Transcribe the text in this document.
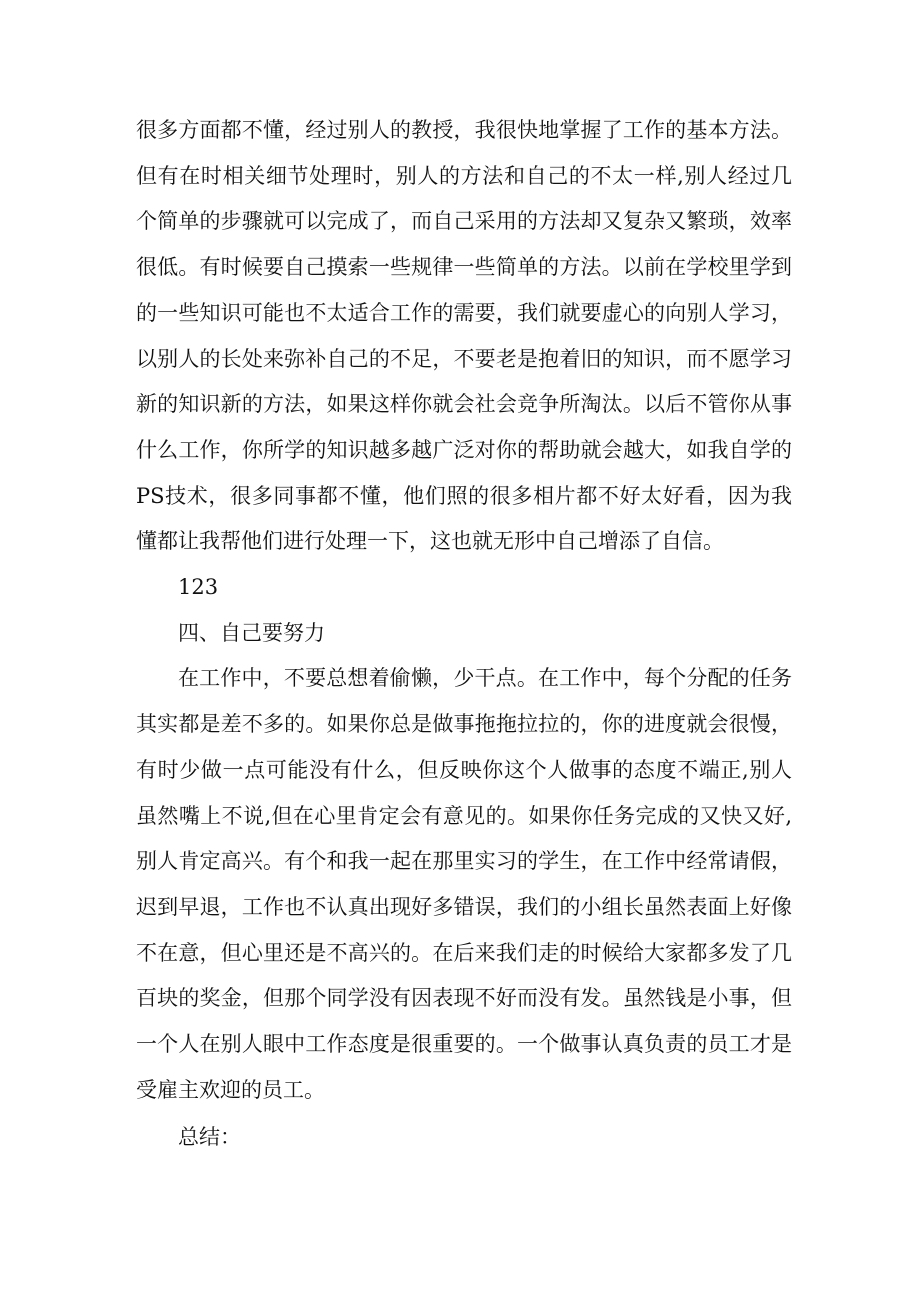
很多方面都不懂，经过别人的教授，我很快地掌握了工作的基本方法。但有在时相关细节处理时，别人的方法和自己的不太一样,别人经过几个简单的步骤就可以完成了，而自己采用的方法却又复杂又繁琐，效率很低。有时候要自己摸索一些规律一些简单的方法。以前在学校里学到的一些知识可能也不太适合工作的需要，我们就要虚心的向别人学习，以别人的长处来弥补自己的不足，不要老是抱着旧的知识，而不愿学习新的知识新的方法，如果这样你就会社会竞争所淘汰。以后不管你从事什么工作，你所学的知识越多越广泛对你的帮助就会越大，如我自学的PS技术，很多同事都不懂，他们照的很多相片都不好太好看，因为我懂都让我帮他们进行处理一下，这也就无形中自己增添了自信。

123

四、自己要努力

在工作中，不要总想着偷懒，少干点。在工作中，每个分配的任务其实都是差不多的。如果你总是做事拖拖拉拉的，你的进度就会很慢，有时少做一点可能没有什么，但反映你这个人做事的态度不端正,别人虽然嘴上不说,但在心里肯定会有意见的。如果你任务完成的又快又好,别人肯定高兴。有个和我一起在那里实习的学生，在工作中经常请假，迟到早退，工作也不认真出现好多错误，我们的小组长虽然表面上好像不在意，但心里还是不高兴的。在后来我们走的时候给大家都多发了几百块的奖金，但那个同学没有因表现不好而没有发。虽然钱是小事，但一个人在别人眼中工作态度是很重要的。一个做事认真负责的员工才是受雇主欢迎的员工。

总结：
